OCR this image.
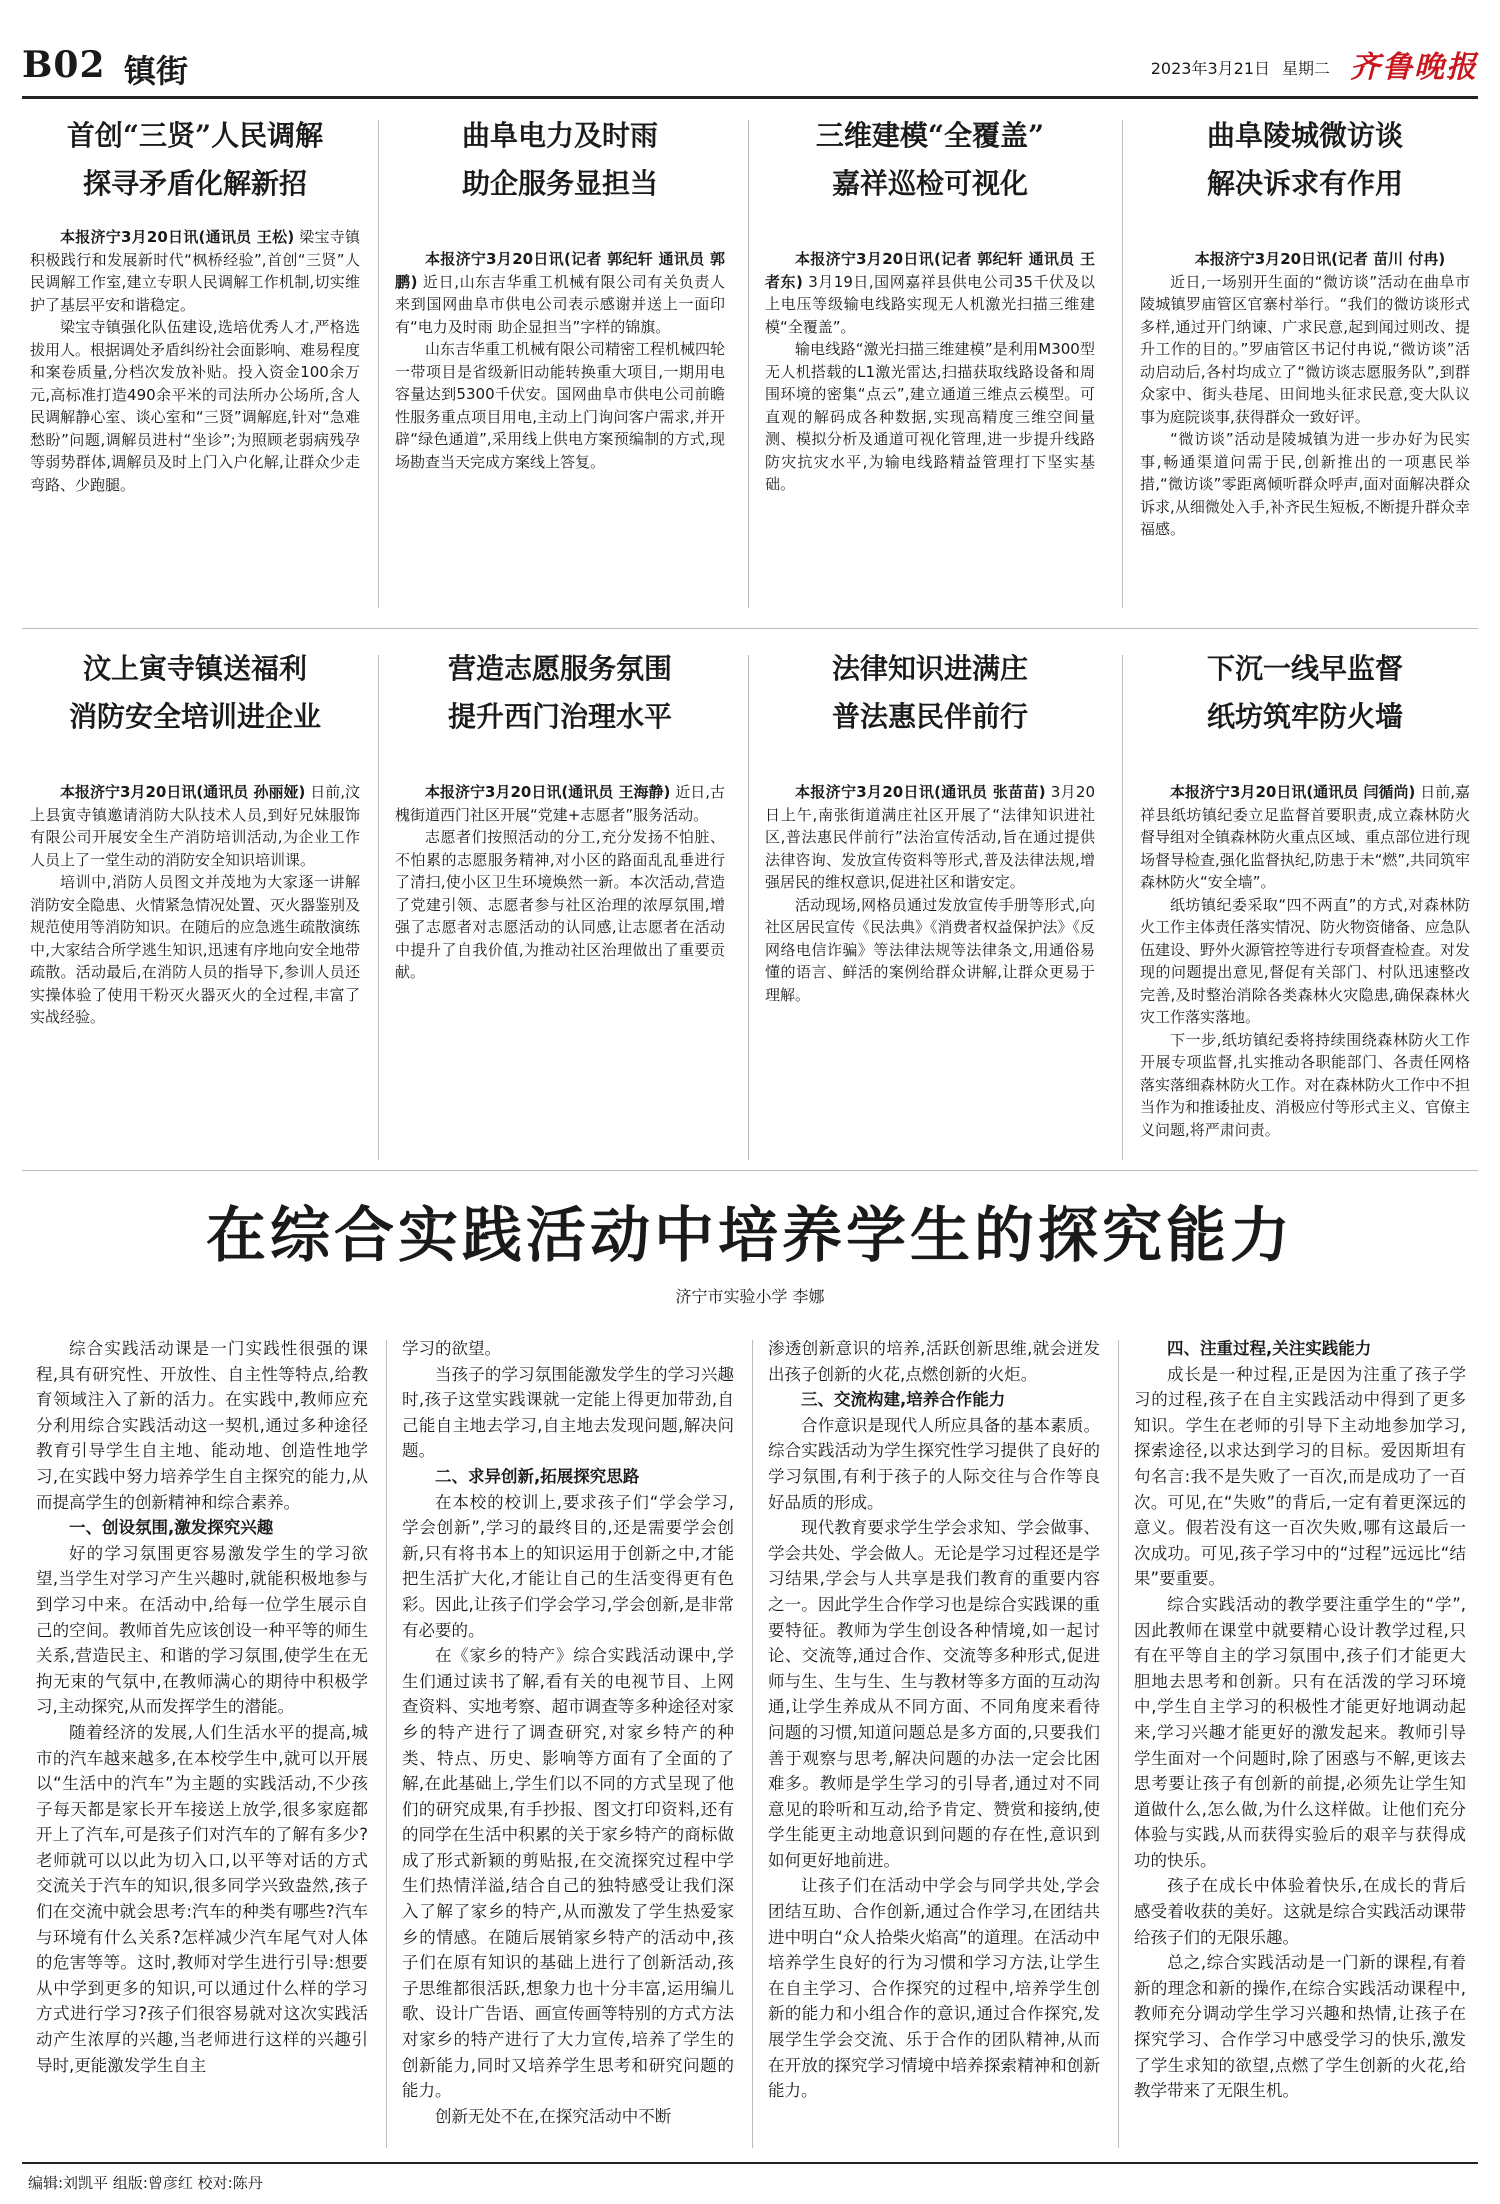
B02 镇街	2023年3月21日 星期二 齐鲁晚报
首创“三贤”人民调解
探寻矛盾化解新招

本报济宁3月20日讯(通讯员 王松) 梁宝寺镇积极践行和发展新时代“枫桥经验”,首创“三贤”人民调解工作室,建立专职人民调解工作机制,切实维护了基层平安和谐稳定。

梁宝寺镇强化队伍建设,选培优秀人才,严格选拔用人。根据调处矛盾纠纷社会面影响、难易程度和案卷质量,分档次发放补贴。投入资金100余万元,高标准打造490余平米的司法所办公场所,含人民调解静心室、谈心室和“三贤”调解庭,针对“急难愁盼”问题,调解员进村“坐诊”;为照顾老弱病残孕等弱势群体,调解员及时上门入户化解,让群众少走弯路、少跑腿。

曲阜电力及时雨
助企服务显担当

本报济宁3月20日讯(记者 郭纪轩 通讯员 郭鹏) 近日,山东吉华重工机械有限公司有关负责人来到国网曲阜市供电公司表示感谢并送上一面印有“电力及时雨 助企显担当”字样的锦旗。

山东吉华重工机械有限公司精密工程机械四轮一带项目是省级新旧动能转换重大项目,一期用电容量达到5300千伏安。国网曲阜市供电公司前瞻性服务重点项目用电,主动上门询问客户需求,并开辟“绿色通道”,采用线上供电方案预编制的方式,现场勘查当天完成方案线上答复。

三维建模“全覆盖”
嘉祥巡检可视化

本报济宁3月20日讯(记者 郭纪轩 通讯员 王者东) 3月19日,国网嘉祥县供电公司35千伏及以上电压等级输电线路实现无人机激光扫描三维建模“全覆盖”。

输电线路“激光扫描三维建模”是利用M300型无人机搭载的L1激光雷达,扫描获取线路设备和周围环境的密集“点云”,建立通道三维点云模型。可直观的解码成各种数据,实现高精度三维空间量测、模拟分析及通道可视化管理,进一步提升线路防灾抗灾水平,为输电线路精益管理打下坚实基础。

曲阜陵城微访谈
解决诉求有作用

本报济宁3月20日讯(记者 苗川 付冉)

近日,一场别开生面的“微访谈”活动在曲阜市陵城镇罗庙管区官寨村举行。“我们的微访谈形式多样,通过开门纳谏、广求民意,起到闻过则改、提升工作的目的。”罗庙管区书记付冉说,“微访谈”活动启动后,各村均成立了“微访谈志愿服务队”,到群众家中、街头巷尾、田间地头征求民意,变大队议事为庭院谈事,获得群众一致好评。

“微访谈”活动是陵城镇为进一步办好为民实事,畅通渠道问需于民,创新推出的一项惠民举措,“微访谈”零距离倾听群众呼声,面对面解决群众诉求,从细微处入手,补齐民生短板,不断提升群众幸福感。

汶上寅寺镇送福利
消防安全培训进企业

本报济宁3月20日讯(通讯员 孙丽娅) 日前,汶上县寅寺镇邀请消防大队技术人员,到好兄妹服饰有限公司开展安全生产消防培训活动,为企业工作人员上了一堂生动的消防安全知识培训课。

培训中,消防人员图文并茂地为大家逐一讲解消防安全隐患、火情紧急情况处置、灭火器鉴别及规范使用等消防知识。在随后的应急逃生疏散演练中,大家结合所学逃生知识,迅速有序地向安全地带疏散。活动最后,在消防人员的指导下,参训人员还实操体验了使用干粉灭火器灭火的全过程,丰富了实战经验。

营造志愿服务氛围
提升西门治理水平

本报济宁3月20日讯(通讯员 王海静) 近日,古槐街道西门社区开展“党建+志愿者”服务活动。

志愿者们按照活动的分工,充分发扬不怕脏、不怕累的志愿服务精神,对小区的路面乱乱垂进行了清扫,使小区卫生环境焕然一新。本次活动,营造了党建引领、志愿者参与社区治理的浓厚氛围,增强了志愿者对志愿活动的认同感,让志愿者在活动中提升了自我价值,为推动社区治理做出了重要贡献。

法律知识进满庄
普法惠民伴前行

本报济宁3月20日讯(通讯员 张苗苗) 3月20日上午,南张街道满庄社区开展了“法律知识进社区,普法惠民伴前行”法治宣传活动,旨在通过提供法律咨询、发放宣传资料等形式,普及法律法规,增强居民的维权意识,促进社区和谐安定。

活动现场,网格员通过发放宣传手册等形式,向社区居民宣传《民法典》《消费者权益保护法》《反网络电信诈骗》等法律法规等法律条文,用通俗易懂的语言、鲜活的案例给群众讲解,让群众更易于理解。

下沉一线早监督
纸坊筑牢防火墙

本报济宁3月20日讯(通讯员 闫循尚) 日前,嘉祥县纸坊镇纪委立足监督首要职责,成立森林防火督导组对全镇森林防火重点区域、重点部位进行现场督导检查,强化监督执纪,防患于未“燃”,共同筑牢森林防火“安全墙”。

纸坊镇纪委采取“四不两直”的方式,对森林防火工作主体责任落实情况、防火物资储备、应急队伍建设、野外火源管控等进行专项督查检查。对发现的问题提出意见,督促有关部门、村队迅速整改完善,及时整治消除各类森林火灾隐患,确保森林火灾工作落实落地。

下一步,纸坊镇纪委将持续围绕森林防火工作开展专项监督,扎实推动各职能部门、各责任网格落实落细森林防火工作。对在森林防火工作中不担当作为和推诿扯皮、消极应付等形式主义、官僚主义问题,将严肃问责。

在综合实践活动中培养学生的探究能力
济宁市实验小学 李娜

综合实践活动课是一门实践性很强的课程,具有研究性、开放性、自主性等特点,给教育领域注入了新的活力。在实践中,教师应充分利用综合实践活动这一契机,通过多种途径教育引导学生自主地、能动地、创造性地学习,在实践中努力培养学生自主探究的能力,从而提高学生的创新精神和综合素养。

一、创设氛围,激发探究兴趣

好的学习氛围更容易激发学生的学习欲望,当学生对学习产生兴趣时,就能积极地参与到学习中来。在活动中,给每一位学生展示自己的空间。教师首先应该创设一种平等的师生关系,营造民主、和谐的学习氛围,使学生在无拘无束的气氛中,在教师满心的期待中积极学习,主动探究,从而发挥学生的潜能。

随着经济的发展,人们生活水平的提高,城市的汽车越来越多,在本校学生中,就可以开展以“生活中的汽车”为主题的实践活动,不少孩子每天都是家长开车接送上放学,很多家庭都开上了汽车,可是孩子们对汽车的了解有多少?老师就可以以此为切入口,以平等对话的方式交流关于汽车的知识,很多同学兴致盎然,孩子们在交流中就会思考:汽车的种类有哪些?汽车与环境有什么关系?怎样减少汽车尾气对人体的危害等等。这时,教师对学生进行引导:想要从中学到更多的知识,可以通过什么样的学习方式进行学习?孩子们很容易就对这次实践活动产生浓厚的兴趣,当老师进行这样的兴趣引导时,更能激发学生自主

学习的欲望。

当孩子的学习氛围能激发学生的学习兴趣时,孩子这堂实践课就一定能上得更加带劲,自己能自主地去学习,自主地去发现问题,解决问题。

二、求异创新,拓展探究思路

在本校的校训上,要求孩子们“学会学习,学会创新”,学习的最终目的,还是需要学会创新,只有将书本上的知识运用于创新之中,才能把生活扩大化,才能让自己的生活变得更有色彩。因此,让孩子们学会学习,学会创新,是非常有必要的。

在《家乡的特产》综合实践活动课中,学生们通过读书了解,看有关的电视节目、上网查资料、实地考察、超市调查等多种途径对家乡的特产进行了调查研究,对家乡特产的种类、特点、历史、影响等方面有了全面的了解,在此基础上,学生们以不同的方式呈现了他们的研究成果,有手抄报、图文打印资料,还有的同学在生活中积累的关于家乡特产的商标做成了形式新颖的剪贴报,在交流探究过程中学生们热情洋溢,结合自己的独特感受让我们深入了解了家乡的特产,从而激发了学生热爱家乡的情感。在随后展销家乡特产的活动中,孩子们在原有知识的基础上进行了创新活动,孩子思维都很活跃,想象力也十分丰富,运用编儿歌、设计广告语、画宣传画等特别的方式方法对家乡的特产进行了大力宣传,培养了学生的创新能力,同时又培养学生思考和研究问题的能力。

创新无处不在,在探究活动中不断

渗透创新意识的培养,活跃创新思维,就会迸发出孩子创新的火花,点燃创新的火炬。

三、交流构建,培养合作能力

合作意识是现代人所应具备的基本素质。综合实践活动为学生探究性学习提供了良好的学习氛围,有利于孩子的人际交往与合作等良好品质的形成。

现代教育要求学生学会求知、学会做事、学会共处、学会做人。无论是学习过程还是学习结果,学会与人共享是我们教育的重要内容之一。因此学生合作学习也是综合实践课的重要特征。教师为学生创设各种情境,如一起讨论、交流等,通过合作、交流等多种形式,促进师与生、生与生、生与教材等多方面的互动沟通,让学生养成从不同方面、不同角度来看待问题的习惯,知道问题总是多方面的,只要我们善于观察与思考,解决问题的办法一定会比困难多。教师是学生学习的引导者,通过对不同意见的聆听和互动,给予肯定、赞赏和接纳,使学生能更主动地意识到问题的存在性,意识到如何更好地前进。

让孩子们在活动中学会与同学共处,学会团结互助、合作创新,通过合作学习,在团结共进中明白“众人拾柴火焰高”的道理。在活动中培养学生良好的行为习惯和学习方法,让学生在自主学习、合作探究的过程中,培养学生创新的能力和小组合作的意识,通过合作探究,发展学生学会交流、乐于合作的团队精神,从而在开放的探究学习情境中培养探索精神和创新能力。

四、注重过程,关注实践能力

成长是一种过程,正是因为注重了孩子学习的过程,孩子在自主实践活动中得到了更多知识。学生在老师的引导下主动地参加学习,探索途径,以求达到学习的目标。爱因斯坦有句名言:我不是失败了一百次,而是成功了一百次。可见,在“失败”的背后,一定有着更深远的意义。假若没有这一百次失败,哪有这最后一次成功。可见,孩子学习中的“过程”远远比“结果”要重要。

综合实践活动的教学要注重学生的“学”,因此教师在课堂中就要精心设计教学过程,只有在平等自主的学习氛围中,孩子们才能更大胆地去思考和创新。只有在活泼的学习环境中,学生自主学习的积极性才能更好地调动起来,学习兴趣才能更好的激发起来。教师引导学生面对一个问题时,除了困惑与不解,更该去思考要让孩子有创新的前提,必须先让学生知道做什么,怎么做,为什么这样做。让他们充分体验与实践,从而获得实验后的艰辛与获得成功的快乐。

孩子在成长中体验着快乐,在成长的背后感受着收获的美好。这就是综合实践活动课带给孩子们的无限乐趣。

总之,综合实践活动是一门新的课程,有着新的理念和新的操作,在综合实践活动课程中,教师充分调动学生学习兴趣和热情,让孩子在探究学习、合作学习中感受学习的快乐,激发了学生求知的欲望,点燃了学生创新的火花,给教学带来了无限生机。

编辑:刘凯平 组版:曾彦红 校对:陈丹
